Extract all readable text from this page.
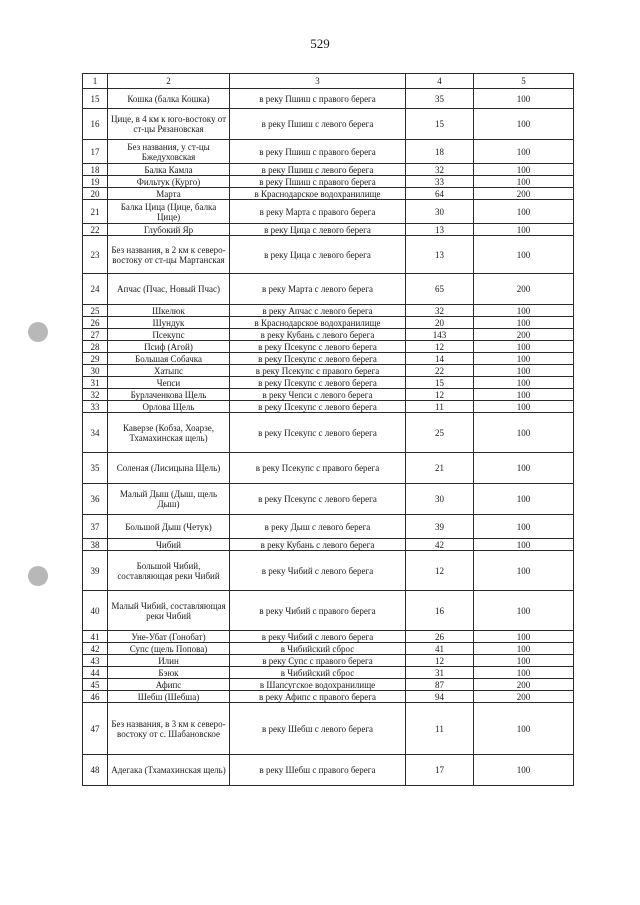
529
1	2	3	4	5
15	Кошка (балка Кошка)	в реку Пшиш с правого берега	35	100
16	Цице, в 4 км к юго-востоку от ст-цы Рязановская	в реку Пшиш с левого берега	15	100
17	Без названия, у ст-цы Бжедуховская	в реку Пшиш с правого берега	18	100
18	Балка Камла	в реку Пшиш с левого берега	32	100
19	Фильтук (Курго)	в реку Пшиш с правого берега	33	100
20	Марта	в Краснодарское водохранилище	64	200
21	Балка Цица (Цице, балка Цице)	в реку Марта с правого берега	30	100
22	Глубокий Яр	в реку Цица с левого берега	13	100
23	Без названия, в 2 км к северо-востоку от ст-цы Мартанская	в реку Цица с левого берега	13	100
24	Апчас (Пчас, Новый Пчас)	в реку Марта с левого берега	65	200
25	Шкелюк	в реку Апчас с левого берега	32	100
26	Шундук	в Краснодарское водохранилище	20	100
27	Псекупс	в реку Кубань с левого берега	143	200
28	Псиф (Агой)	в реку Псекупс с левого берега	12	100
29	Большая Собачка	в реку Псекупс с левого берега	14	100
30	Хатыпс	в реку Псекупс с правого берега	22	100
31	Чепси	в реку Псекупс с левого берега	15	100
32	Бурлаченкова Щель	в реку Чепси с левого берега	12	100
33	Орлова Щель	в реку Псекупс с левого берега	11	100
34	Каверзе (Кобза, Хоарзе, Тхамахинская щель)	в реку Псекупс с левого берега	25	100
35	Соленая (Лисицына Щель)	в реку Псекупс с правого берега	21	100
36	Малый Дыш (Дыш, щель Дыш)	в реку Псекупс с левого берега	30	100
37	Большой Дыш (Четук)	в реку Дыш с левого берега	39	100
38	Чибий	в реку Кубань с левого берега	42	100
39	Большой Чибий, составляющая реки Чибий	в реку Чибий с левого берега	12	100
40	Малый Чибий, составляющая реки Чибий	в реку Чибий с правого берега	16	100
41	Уне-Убат (Гонобат)	в реку Чибий с левого берега	26	100
42	Супс (щель Попова)	в Чибийский сброс	41	100
43	Илин	в реку Супс с правого берега	12	100
44	Бэюк	в Чибийский сброс	31	100
45	Афипс	в Шапсугское водохранилище	87	200
46	Шебш (Шебша)	в реку Афипс с правого берега	94	200
47	Без названия, в 3 км к северо-востоку от с. Шабановское	в реку Шебш с левого берега	11	100
48	Адегака (Тхамахинская щель)	в реку Шебш с правого берега	17	100
